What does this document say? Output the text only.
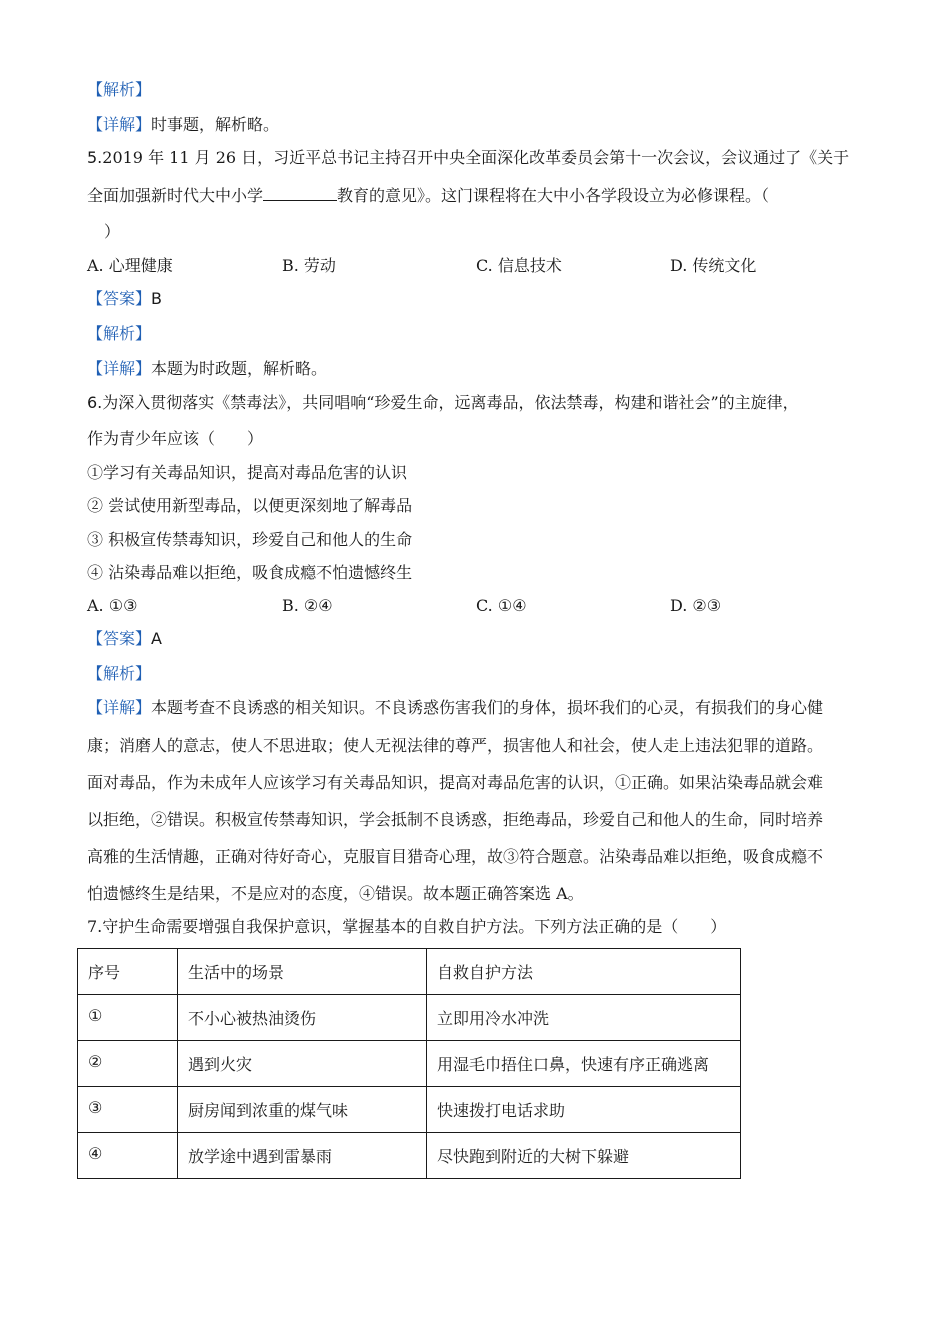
【解析】
【详解】时事题，解析略。
5.2019 年 11 月 26 日，习近平总书记主持召开中央全面深化改革委员会第十一次会议，会议通过了《关于
全面加强新时代大中小学	教育的意见》。这门课程将在大中小各学段设立为必修课程。（
）
A. 心理健康	B. 劳动	C. 信息技术	D. 传统文化
【答案】B
【解析】
【详解】本题为时政题，解析略。
6.为深入贯彻落实《禁毒法》，共同唱响“珍爱生命，远离毒品，依法禁毒，构建和谐社会”的主旋律，
作为青少年应该（　　）
①学习有关毒品知识，提高对毒品危害的认识
② 尝试使用新型毒品，以便更深刻地了解毒品
③ 积极宣传禁毒知识，珍爱自己和他人的生命
④ 沾染毒品难以拒绝，吸食成瘾不怕遗憾终生
A. ①③	B. ②④	C. ①④	D. ②③
【答案】A
【解析】
【详解】本题考查不良诱惑的相关知识。不良诱惑伤害我们的身体，损坏我们的心灵，有损我们的身心健
康；消磨人的意志，使人不思进取；使人无视法律的尊严，损害他人和社会，使人走上违法犯罪的道路。
面对毒品，作为未成年人应该学习有关毒品知识，提高对毒品危害的认识，①正确。如果沾染毒品就会难
以拒绝，②错误。积极宣传禁毒知识，学会抵制不良诱惑，拒绝毒品，珍爱自己和他人的生命，同时培养
高雅的生活情趣，正确对待好奇心，克服盲目猎奇心理，故③符合题意。沾染毒品难以拒绝，吸食成瘾不
怕遗憾终生是结果，不是应对的态度，④错误。故本题正确答案选 A。
7.守护生命需要增强自我保护意识，掌握基本的自救自护方法。下列方法正确的是（　　）
序号	生活中的场景	自救自护方法
①	不小心被热油烫伤	立即用冷水冲洗
②	遇到火灾	用湿毛巾捂住口鼻，快速有序正确逃离
③	厨房闻到浓重的煤气味	快速拨打电话求助
④	放学途中遇到雷暴雨	尽快跑到附近的大树下躲避
